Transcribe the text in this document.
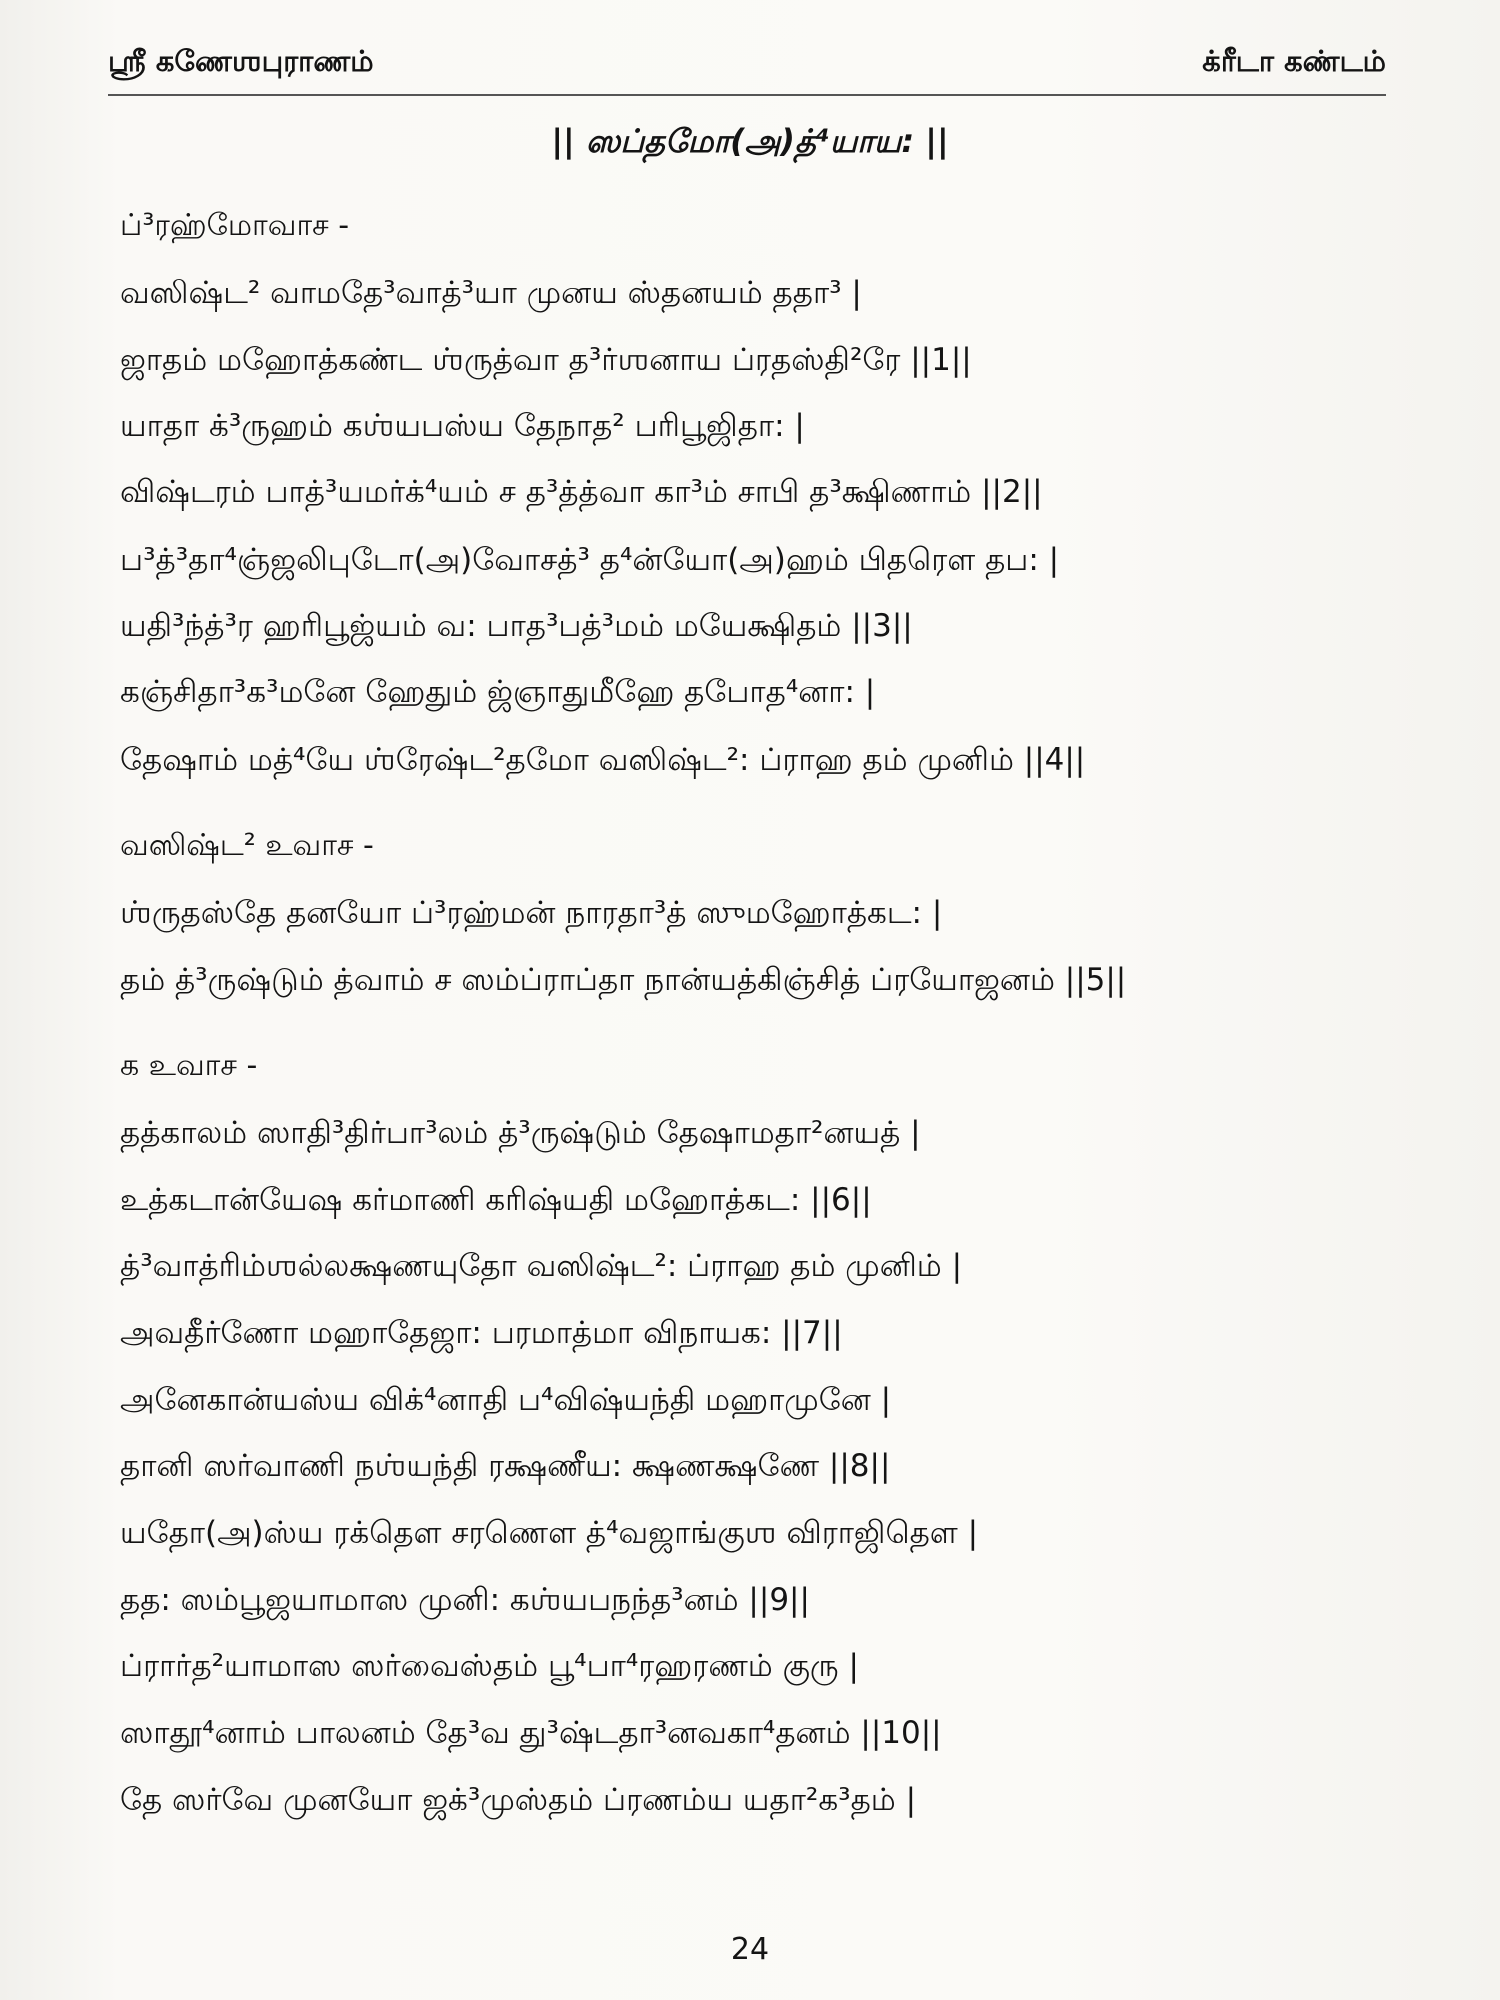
ஸ்ரீ கணேஶபுராணம்	க்ரீடா கண்டம்
|| ஸப்தமோ(அ)த்⁴யாய: ||
ப்³ரஹ்மோவாச -
வஸிஷ்ட² வாமதே³வாத்³யா முனய ஸ்தனயம் ததா³ |
ஜாதம் மஹோத்கண்ட ஶ்ருத்வா த³ர்ஶனாய ப்ரதஸ்தி²ரே ||1||
யாதா க்³ருஹம் கஶ்யபஸ்ய தேநாத² பரிபூஜிதா: |
விஷ்டரம் பாத்³யமர்க்⁴யம் ச த³த்த்வா கா³ம் சாபி த³க்ஷிணாம் ||2||
ப³த்³தா⁴ஞ்ஜலிபுடோ(அ)வோசத்³ த⁴ன்யோ(அ)ஹம் பிதரௌ தப: |
யதி³ந்த்³ர ஹரிபூஜ்யம் வ: பாத³பத்³மம் மயேக்ஷிதம் ||3||
கஞ்சிதா³க³மனே ஹேதும் ஜ்ஞாதுமீஹே தபோத⁴னா: |
தேஷாம் மத்⁴யே ஶ்ரேஷ்ட²தமோ வஸிஷ்ட²: ப்ராஹ தம் முனிம் ||4||
வஸிஷ்ட² உவாச -
ஶ்ருதஸ்தே தனயோ ப்³ரஹ்மன் நாரதா³த் ஸுமஹோத்கட: |
தம் த்³ருஷ்டும் த்வாம் ச ஸம்ப்ராப்தா நான்யத்கிஞ்சித் ப்ரயோஜனம் ||5||
க உவாச -
தத்காலம் ஸாதி³திர்பா³லம் த்³ருஷ்டும் தேஷாமதா²னயத் |
உத்கடான்யேஷ கர்மாணி கரிஷ்யதி மஹோத்கட: ||6||
த்³வாத்ரிம்ஶல்லக்ஷணயுதோ வஸிஷ்ட²: ப்ராஹ தம் முனிம் |
அவதீர்ணோ மஹாதேஜா: பரமாத்மா விநாயக: ||7||
அனேகான்யஸ்ய விக்⁴னாதி ப⁴விஷ்யந்தி மஹாமுனே |
தானி ஸர்வாணி நஶ்யந்தி ரக்ஷணீய: க்ஷணக்ஷணே ||8||
யதோ(அ)ஸ்ய ரக்தௌ சரணௌ த்⁴வஜாங்குஶ விராஜிதௌ |
தத: ஸம்பூஜயாமாஸ முனி: கஶ்யபநந்த³னம் ||9||
ப்ரார்த²யாமாஸ ஸர்வைஸ்தம் பூ⁴பா⁴ரஹரணம் குரு |
ஸாதூ⁴னாம் பாலனம் தே³வ து³ஷ்டதா³னவகா⁴தனம் ||10||
தே ஸர்வே முனயோ ஜக்³முஸ்தம் ப்ரணம்ய யதா²க³தம் |
24
